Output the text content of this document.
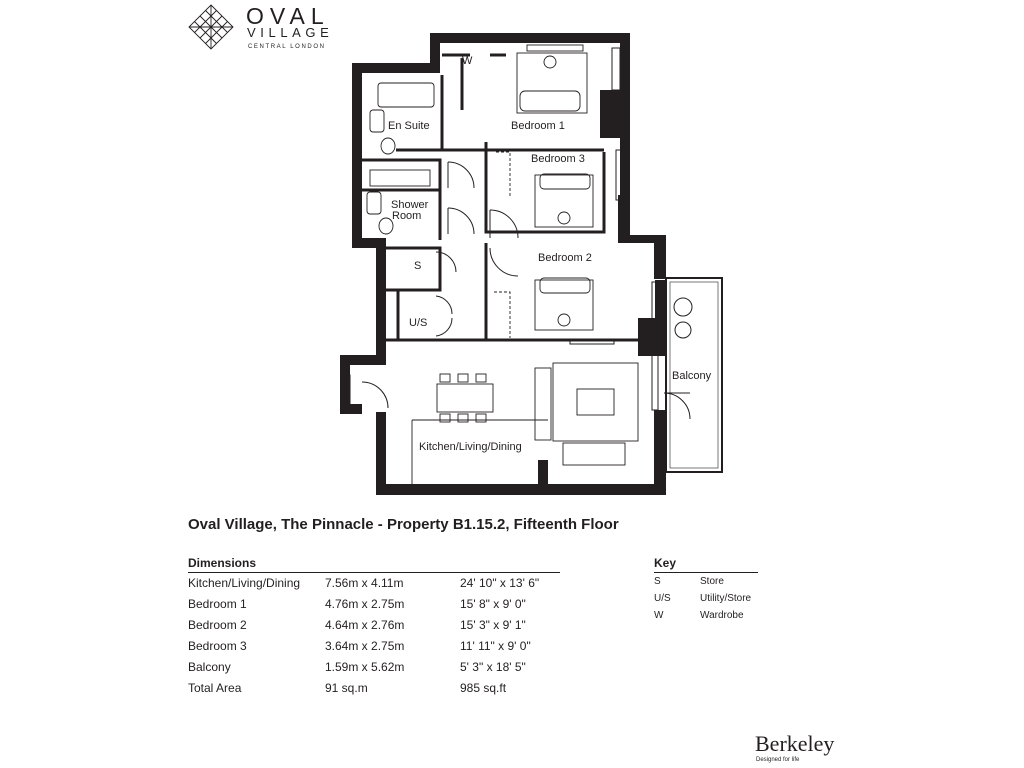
OVAL
VILLAGE
CENTRAL LONDON
W
Bedroom 1
En Suite
Bedroom 3
Shower
Room
S
Bedroom 2
U/S
Balcony
Kitchen/Living/Dining
Oval Village, The Pinnacle - Property B1.15.2, Fifteenth Floor
Dimensions
Kitchen/Living/Dining 7.56m x 4.11m	24' 10" x 13' 6"
Bedroom 1	4.76m x 2.75m	15' 8" x 9' 0"
Bedroom 2	4.64m x 2.76m	15' 3" x 9' 1"
Bedroom 3	3.64m x 2.75m	11' 11" x 9' 0"
Balcony	1.59m x 5.62m	5' 3" x 18' 5"
Total Area	91 sq.m	985 sq.ft
Key
S	Store
U/S	Utility/Store
W	Wardrobe
Berkeley
Designed for life
